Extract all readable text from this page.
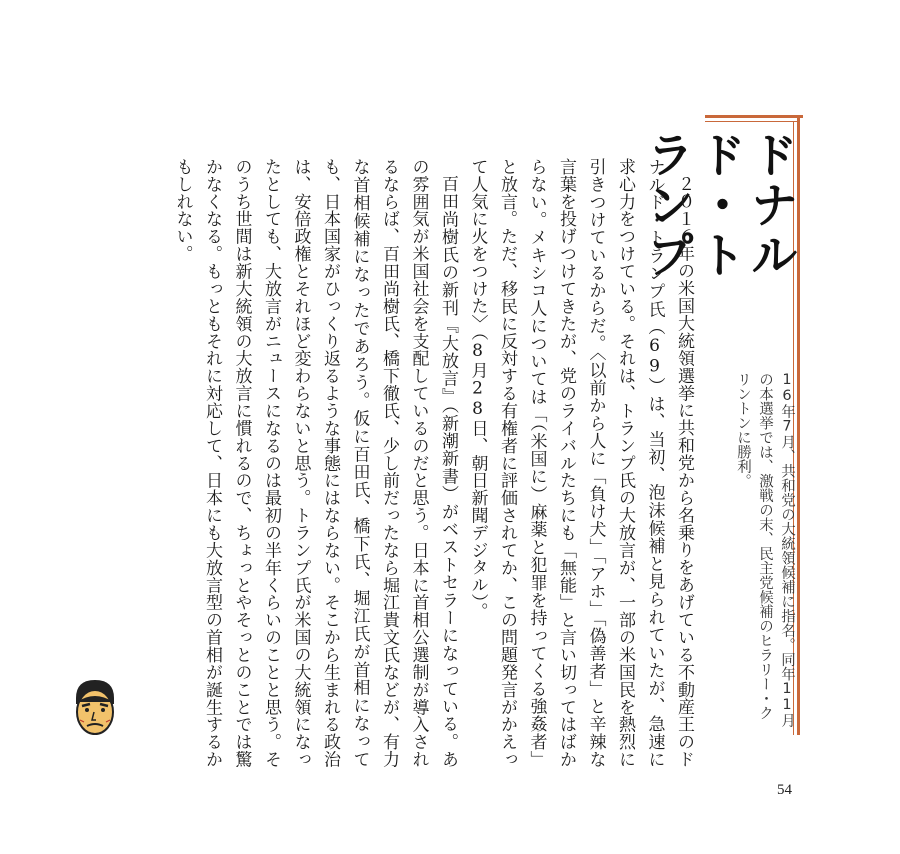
ドナルド・トランプ
16年7月、共和党の大統領候補に指名。同年11月の本選挙では、激戦の末、民主党候補のヒラリー・クリントンに勝利。

２０１６年の米国大統領選挙に共和党から名乗りをあげている不動産王のドナルド・トランプ氏（69）は、当初、泡沫候補と見られていたが、急速に求心力をつけている。それは、トランプ氏の大放言が、一部の米国民を熱烈に引きつけているからだ。〈以前から人に「負け犬」「アホ」「偽善者」と辛辣な言葉を投げつけてきたが、党のライバルたちにも「無能」と言い切ってはばからない。メキシコ人については「（米国に）麻薬と犯罪を持ってくる強姦者」と放言。ただ、移民に反対する有権者に評価されてか、この問題発言がかえって人気に火をつけた〉（8月28日、朝日新聞デジタル）。

百田尚樹氏の新刊『大放言』（新潮新書）がベストセラーになっている。あの雰囲気が米国社会を支配しているのだと思う。日本に首相公選制が導入されるならば、百田尚樹氏、橋下徹氏、少し前だったなら堀江貴文氏などが、有力な首相候補になったであろう。仮に百田氏、橋下氏、堀江氏が首相になっても、日本国家がひっくり返るような事態にはならない。そこから生まれる政治は、安倍政権とそれほど変わらないと思う。トランプ氏が米国の大統領になったとしても、大放言がニュースになるのは最初の半年くらいのことと思う。そのうち世間は新大統領の大放言に慣れるので、ちょっとやそっとのことでは驚かなくなる。もっともそれに対応して、日本にも大放言型の首相が誕生するかもしれない。

54
